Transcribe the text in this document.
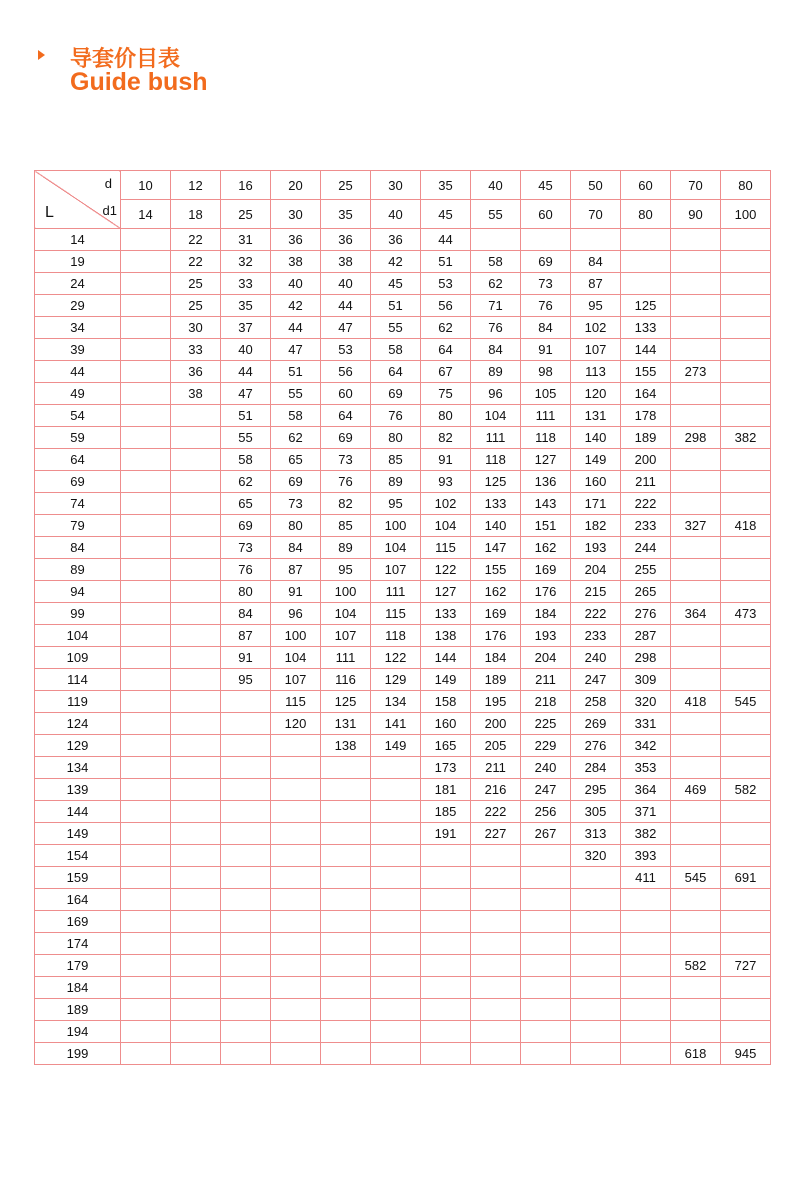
导套价目表
Guide bush
d
d1
L	10	12	16	20	25	30	35	40	45	50	60	70	80
	14	18	25	30	35	40	45	55	60	70	80	90	100
14		22	31	36	36	36	44						
19		22	32	38	38	42	51	58	69	84			
24		25	33	40	40	45	53	62	73	87			
29		25	35	42	44	51	56	71	76	95	125		
34		30	37	44	47	55	62	76	84	102	133		
39		33	40	47	53	58	64	84	91	107	144		
44		36	44	51	56	64	67	89	98	113	155	273	
49		38	47	55	60	69	75	96	105	120	164		
54			51	58	64	76	80	104	111	131	178		
59			55	62	69	80	82	111	118	140	189	298	382
64			58	65	73	85	91	118	127	149	200		
69			62	69	76	89	93	125	136	160	211		
74			65	73	82	95	102	133	143	171	222		
79			69	80	85	100	104	140	151	182	233	327	418
84			73	84	89	104	115	147	162	193	244		
89			76	87	95	107	122	155	169	204	255		
94			80	91	100	111	127	162	176	215	265		
99			84	96	104	115	133	169	184	222	276	364	473
104			87	100	107	118	138	176	193	233	287		
109			91	104	111	122	144	184	204	240	298		
114			95	107	116	129	149	189	211	247	309		
119				115	125	134	158	195	218	258	320	418	545
124				120	131	141	160	200	225	269	331		
129					138	149	165	205	229	276	342		
134							173	211	240	284	353		
139							181	216	247	295	364	469	582
144							185	222	256	305	371		
149							191	227	267	313	382		
154										320	393		
159											411	545	691
164													
169													
174													
179												582	727
184													
189													
194													
199												618	945
